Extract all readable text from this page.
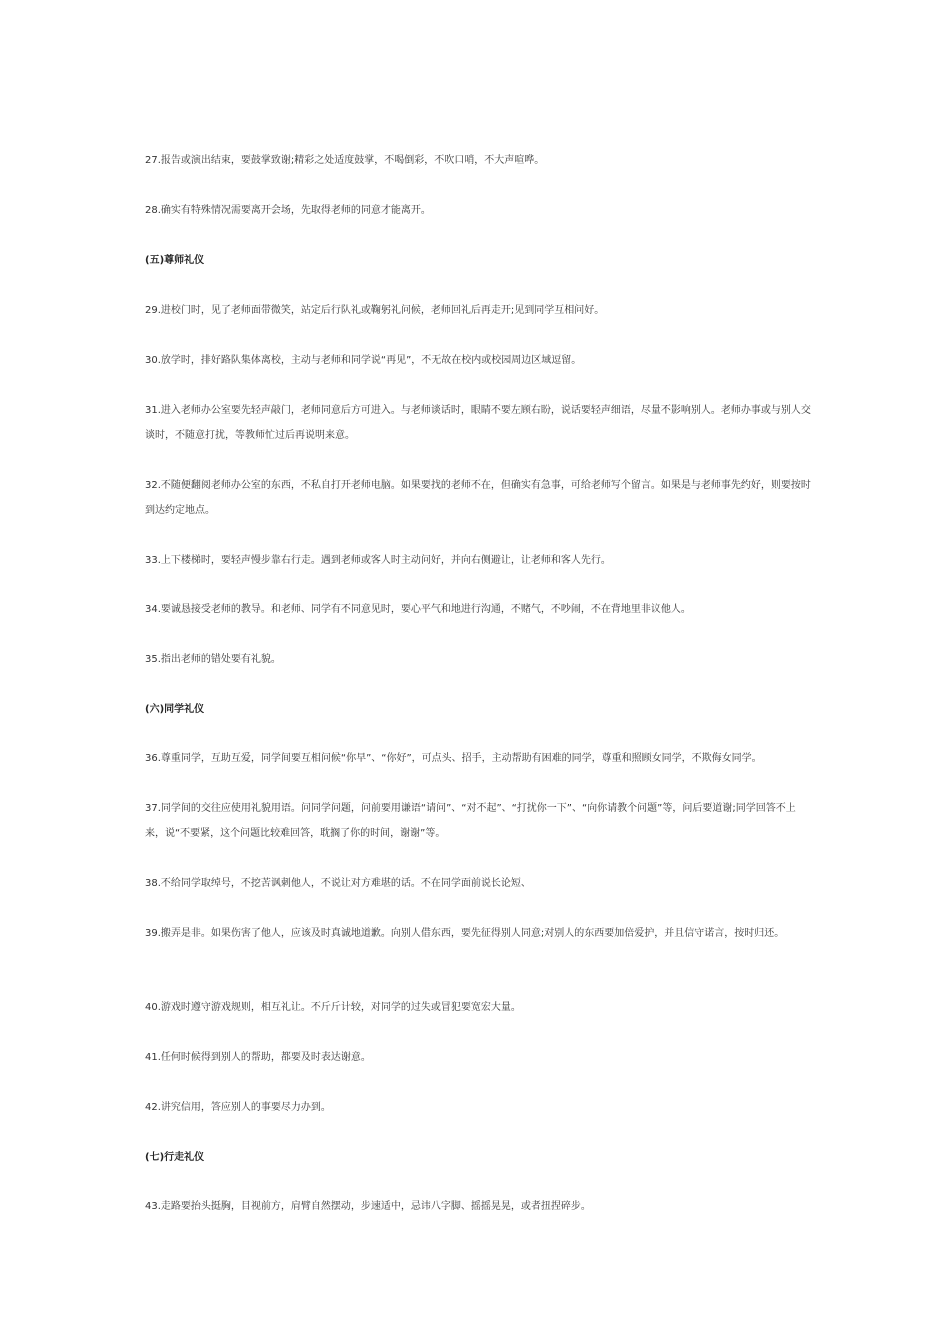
27.报告或演出结束，要鼓掌致谢;精彩之处适度鼓掌，不喝倒彩，不吹口哨，不大声喧哗。
28.确实有特殊情况需要离开会场，先取得老师的同意才能离开。
(五)尊师礼仪
29.进校门时，见了老师面带微笑，站定后行队礼或鞠躬礼问候，老师回礼后再走开;见到同学互相问好。
30.放学时，排好路队集体离校，主动与老师和同学说“再见”，不无故在校内或校园周边区域逗留。
31.进入老师办公室要先轻声敲门，老师同意后方可进入。与老师谈话时，眼睛不要左顾右盼，说话要轻声细语，尽量不影响别人。老师办事或与别人交谈时，不随意打扰，等教师忙过后再说明来意。
32.不随便翻阅老师办公室的东西，不私自打开老师电脑。如果要找的老师不在，但确实有急事，可给老师写个留言。如果是与老师事先约好，则要按时到达约定地点。
33.上下楼梯时，要轻声慢步靠右行走。遇到老师或客人时主动问好，并向右侧避让，让老师和客人先行。
34.要诚恳接受老师的教导。和老师、同学有不同意见时，要心平气和地进行沟通，不赌气，不吵闹，不在背地里非议他人。
35.指出老师的错处要有礼貌。
(六)同学礼仪
36.尊重同学，互助互爱，同学间要互相问候“你早”、“你好”，可点头、招手，主动帮助有困难的同学，尊重和照顾女同学，不欺侮女同学。
37.同学间的交往应使用礼貌用语。问同学问题，问前要用谦语“请问”、“对不起”、“打扰你一下”、“向你请教个问题”等，问后要道谢;同学回答不上来，说“不要紧，这个问题比较难回答，耽搁了你的时间，谢谢”等。
38.不给同学取绰号，不挖苦讽刺他人，不说让对方难堪的话。不在同学面前说长论短、
39.搬弄是非。如果伤害了他人，应该及时真诚地道歉。向别人借东西，要先征得别人同意;对别人的东西要加倍爱护，并且信守诺言，按时归还。
40.游戏时遵守游戏规则，相互礼让。不斤斤计较，对同学的过失或冒犯要宽宏大量。
41.任何时候得到别人的帮助，都要及时表达谢意。
42.讲究信用，答应别人的事要尽力办到。
(七)行走礼仪
43.走路要抬头挺胸，目视前方，肩臂自然摆动，步速适中，忌讳八字脚、摇摇晃晃，或者扭捏碎步。
